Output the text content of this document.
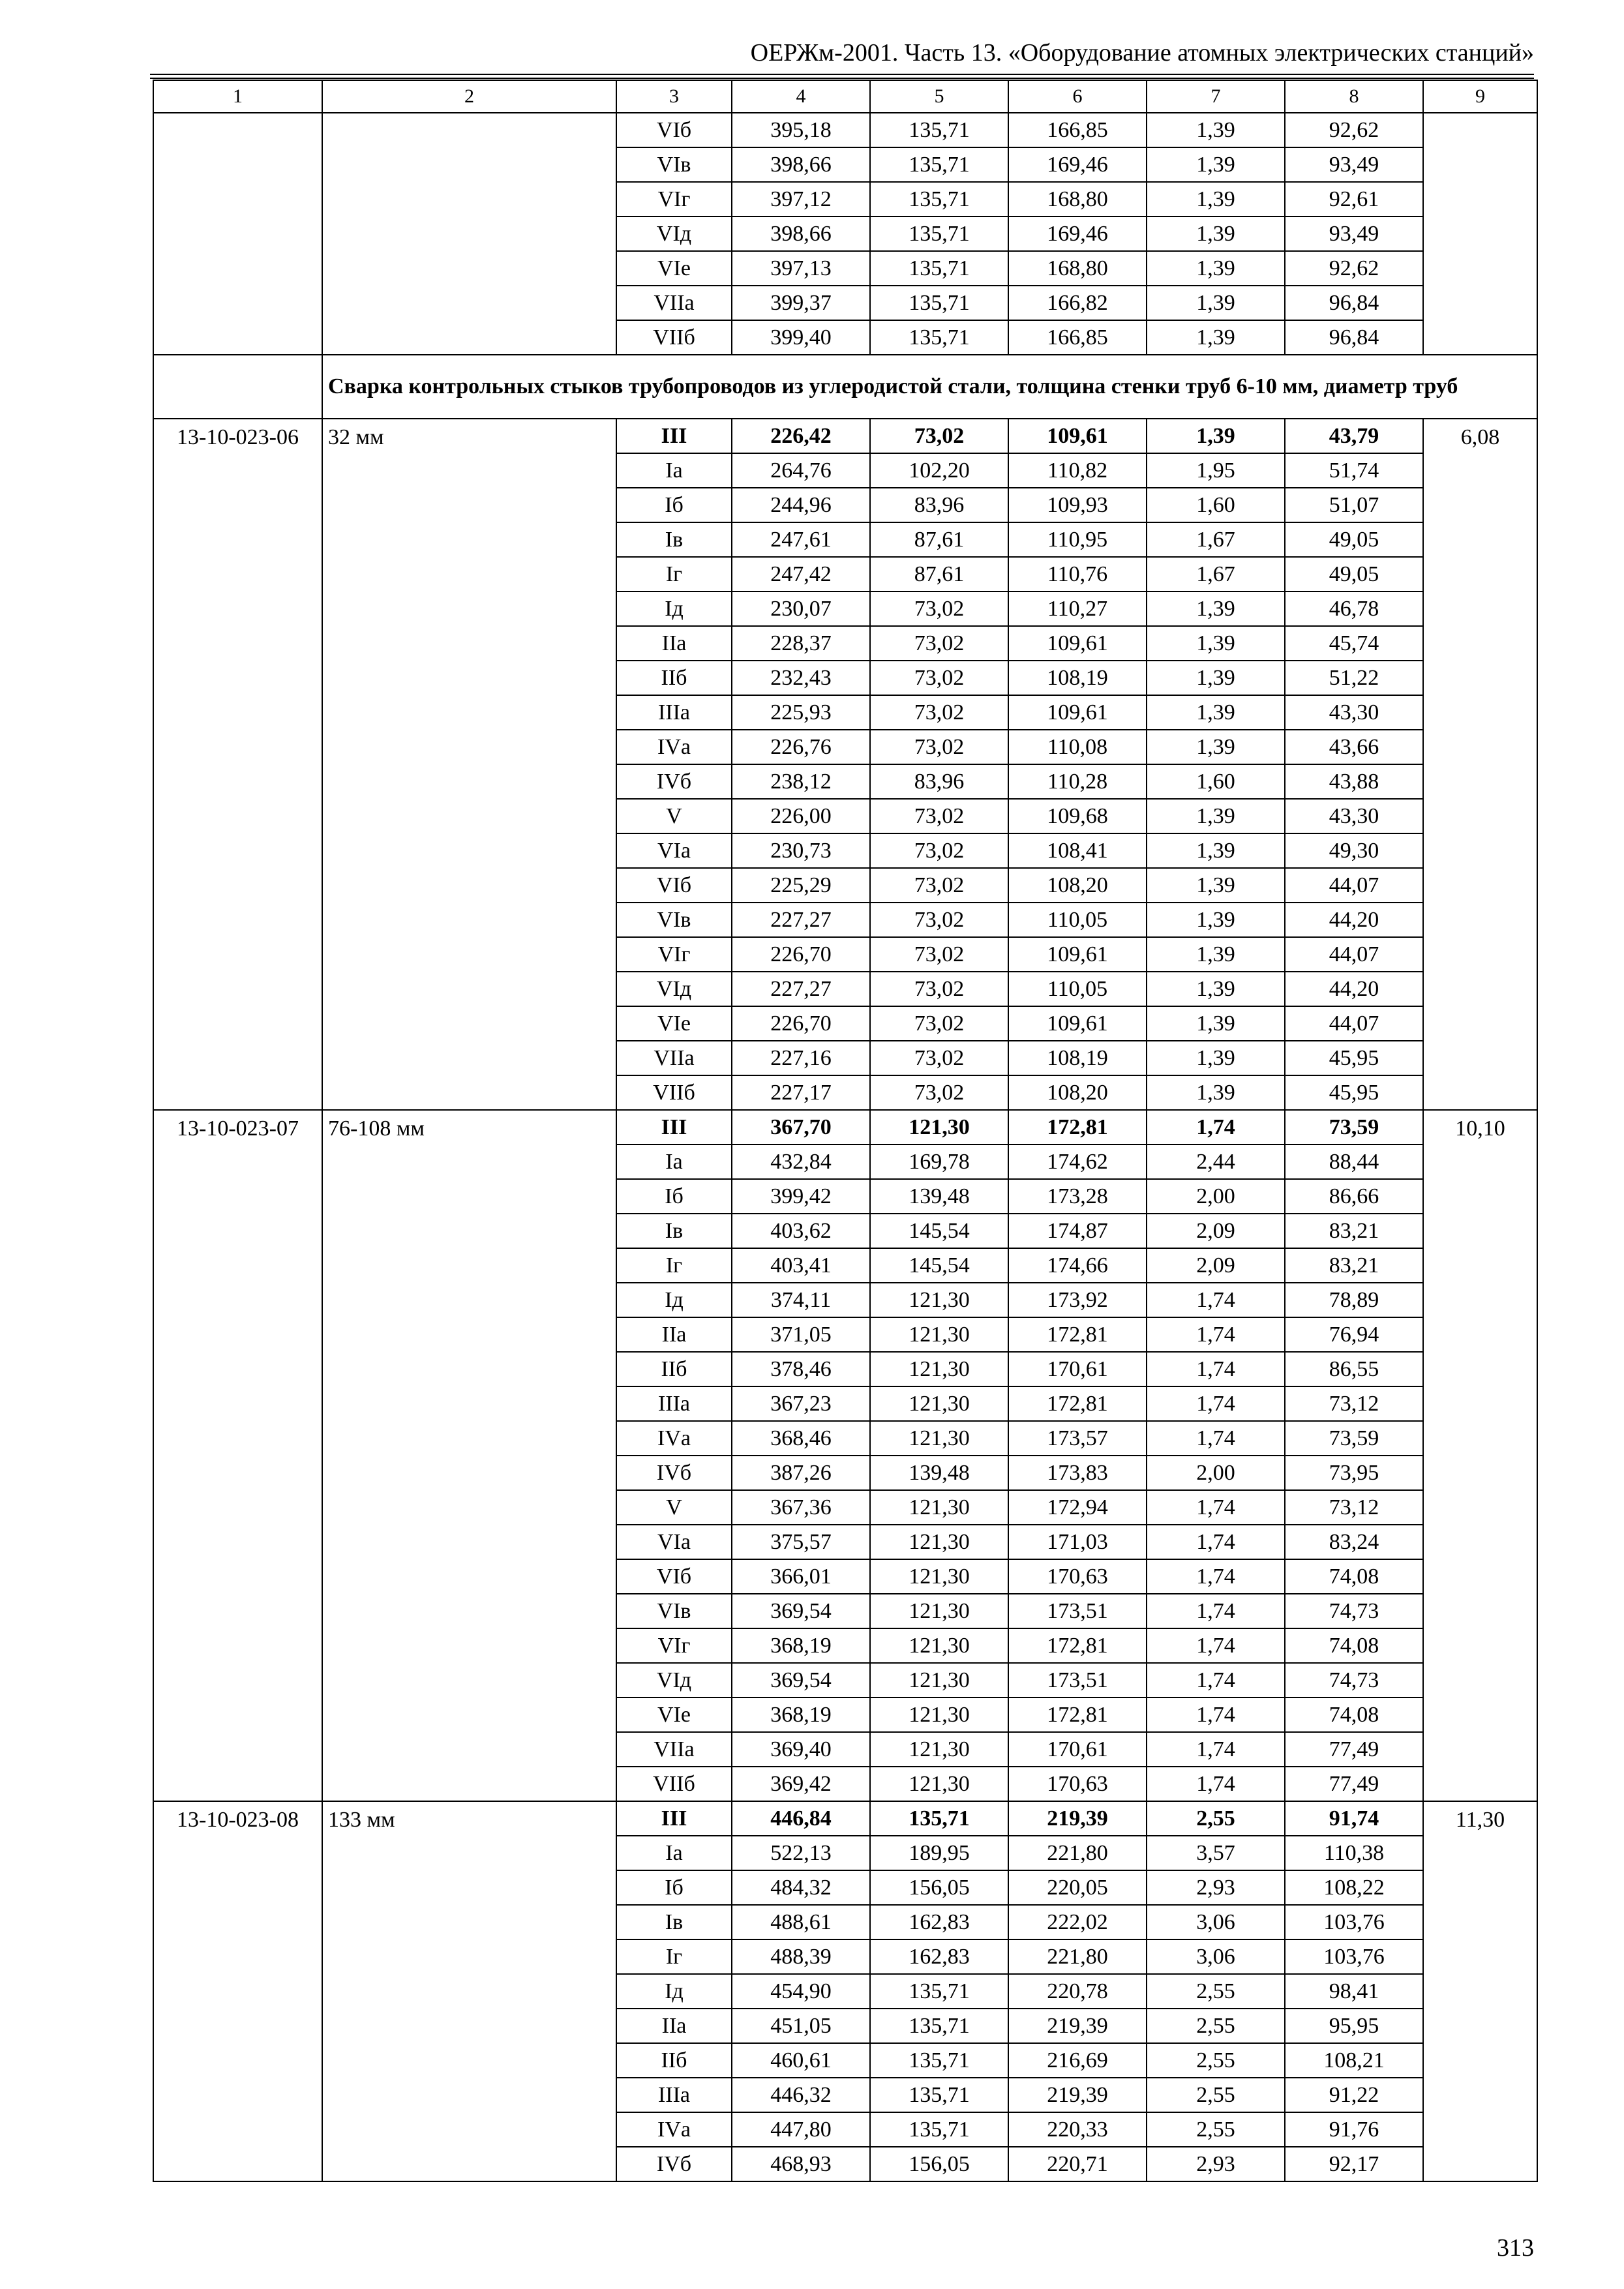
ОЕРЖм-2001. Часть 13. «Оборудование атомных электрических станций»
1	2	3	4	5	6	7	8	9
		VIб	395,18	135,71	166,85	1,39	92,62	
		VIв	398,66	135,71	169,46	1,39	93,49	
		VIг	397,12	135,71	168,80	1,39	92,61	
		VIд	398,66	135,71	169,46	1,39	93,49	
		VIе	397,13	135,71	168,80	1,39	92,62	
		VIIа	399,37	135,71	166,82	1,39	96,84	
		VIIб	399,40	135,71	166,85	1,39	96,84	
	Сварка контрольных стыков трубопроводов из углеродистой стали, толщина стенки труб 6-10 мм, диаметр труб							
13-10-023-06	32 мм	III	226,42	73,02	109,61	1,39	43,79	6,08
		Iа	264,76	102,20	110,82	1,95	51,74	
		Iб	244,96	83,96	109,93	1,60	51,07	
		Iв	247,61	87,61	110,95	1,67	49,05	
		Iг	247,42	87,61	110,76	1,67	49,05	
		Iд	230,07	73,02	110,27	1,39	46,78	
		IIа	228,37	73,02	109,61	1,39	45,74	
		IIб	232,43	73,02	108,19	1,39	51,22	
		IIIа	225,93	73,02	109,61	1,39	43,30	
		IVа	226,76	73,02	110,08	1,39	43,66	
		IVб	238,12	83,96	110,28	1,60	43,88	
		V	226,00	73,02	109,68	1,39	43,30	
		VIа	230,73	73,02	108,41	1,39	49,30	
		VIб	225,29	73,02	108,20	1,39	44,07	
		VIв	227,27	73,02	110,05	1,39	44,20	
		VIг	226,70	73,02	109,61	1,39	44,07	
		VIд	227,27	73,02	110,05	1,39	44,20	
		VIе	226,70	73,02	109,61	1,39	44,07	
		VIIа	227,16	73,02	108,19	1,39	45,95	
		VIIб	227,17	73,02	108,20	1,39	45,95	
13-10-023-07	76-108 мм	III	367,70	121,30	172,81	1,74	73,59	10,10
		Iа	432,84	169,78	174,62	2,44	88,44	
		Iб	399,42	139,48	173,28	2,00	86,66	
		Iв	403,62	145,54	174,87	2,09	83,21	
		Iг	403,41	145,54	174,66	2,09	83,21	
		Iд	374,11	121,30	173,92	1,74	78,89	
		IIа	371,05	121,30	172,81	1,74	76,94	
		IIб	378,46	121,30	170,61	1,74	86,55	
		IIIа	367,23	121,30	172,81	1,74	73,12	
		IVа	368,46	121,30	173,57	1,74	73,59	
		IVб	387,26	139,48	173,83	2,00	73,95	
		V	367,36	121,30	172,94	1,74	73,12	
		VIа	375,57	121,30	171,03	1,74	83,24	
		VIб	366,01	121,30	170,63	1,74	74,08	
		VIв	369,54	121,30	173,51	1,74	74,73	
		VIг	368,19	121,30	172,81	1,74	74,08	
		VIд	369,54	121,30	173,51	1,74	74,73	
		VIе	368,19	121,30	172,81	1,74	74,08	
		VIIа	369,40	121,30	170,61	1,74	77,49	
		VIIб	369,42	121,30	170,63	1,74	77,49	
13-10-023-08	133 мм	III	446,84	135,71	219,39	2,55	91,74	11,30
		Iа	522,13	189,95	221,80	3,57	110,38	
		Iб	484,32	156,05	220,05	2,93	108,22	
		Iв	488,61	162,83	222,02	3,06	103,76	
		Iг	488,39	162,83	221,80	3,06	103,76	
		Iд	454,90	135,71	220,78	2,55	98,41	
		IIа	451,05	135,71	219,39	2,55	95,95	
		IIб	460,61	135,71	216,69	2,55	108,21	
		IIIа	446,32	135,71	219,39	2,55	91,22	
		IVа	447,80	135,71	220,33	2,55	91,76	
		IVб	468,93	156,05	220,71	2,93	92,17	
313
